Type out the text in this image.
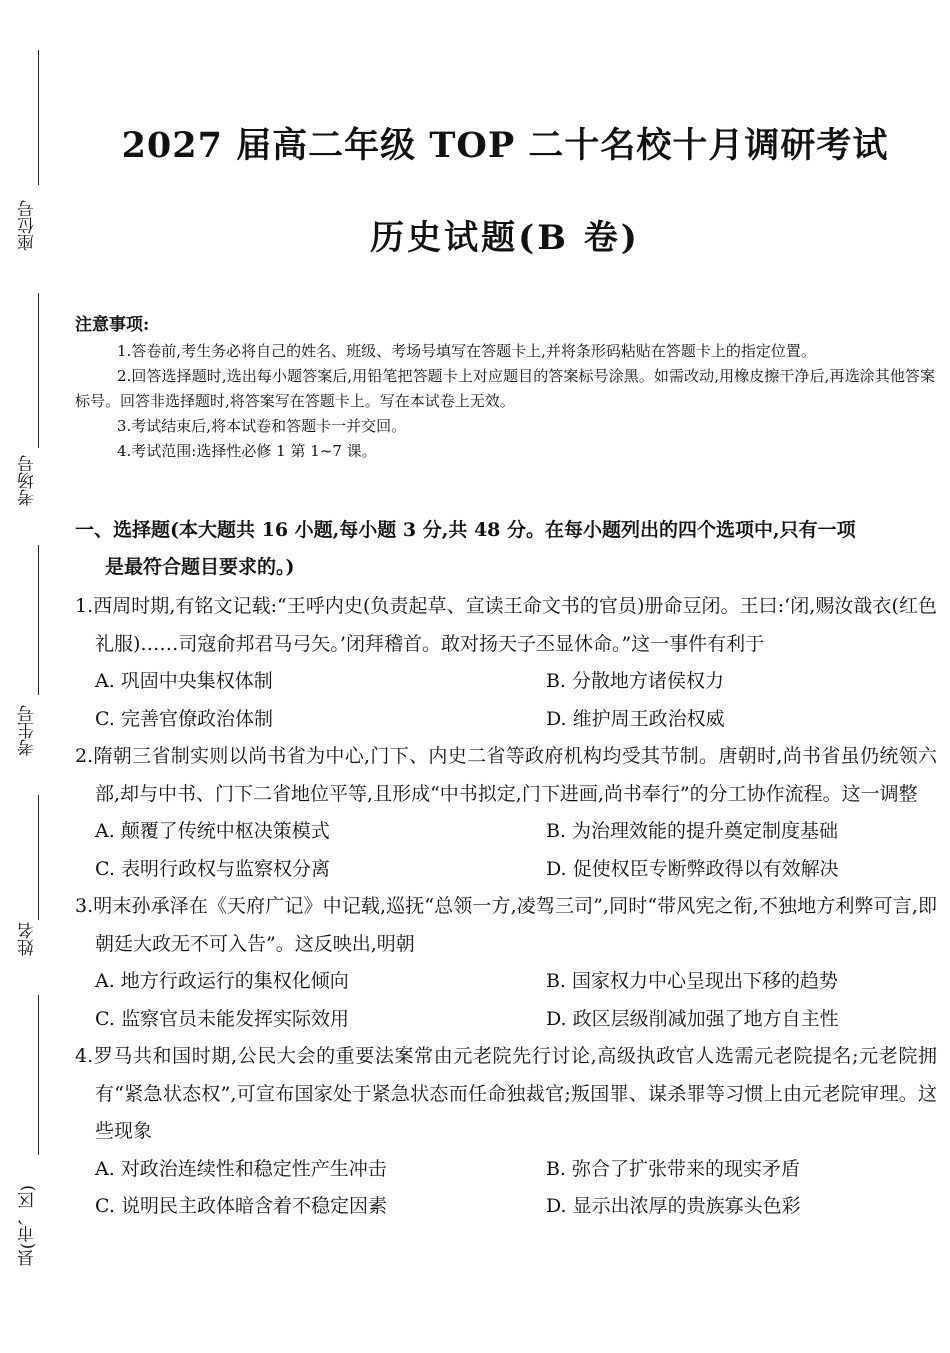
座位号
考场号
考生号
姓名
县(市、区)
2027 届高二年级 TOP 二十名校十月调研考试
历史试题(B 卷)
注意事项:

1.答卷前,考生务必将自己的姓名、班级、考场号填写在答题卡上,并将条形码粘贴在答题卡上的指定位置。

2.回答选择题时,选出每小题答案后,用铅笔把答题卡上对应题目的答案标号涂黑。如需改动,用橡皮擦干净后,再选涂其他答案标号。回答非选择题时,将答案写在答题卡上。写在本试卷上无效。

3.考试结束后,将本试卷和答题卡一并交回。

4.考试范围:选择性必修 1 第 1~7 课。

一、选择题(本大题共 16 小题,每小题 3 分,共 48 分。在每小题列出的四个选项中,只有一项
是最符合题目要求的。)
1.西周时期,有铭文记载:“王呼内史(负责起草、宣读王命文书的官员)册命豆闭。王曰:‘闭,赐汝戠衣(红色礼服)……司寇俞邦君马弓矢。’闭拜稽首。敢对扬天子丕显休命。”这一事件有利于
A. 巩固中央集权体制	B. 分散地方诸侯权力
C. 完善官僚政治体制	D. 维护周王政治权威
2.隋朝三省制实则以尚书省为中心,门下、内史二省等政府机构均受其节制。唐朝时,尚书省虽仍统领六部,却与中书、门下二省地位平等,且形成“中书拟定,门下进画,尚书奉行”的分工协作流程。这一调整
A. 颠覆了传统中枢决策模式	B. 为治理效能的提升奠定制度基础
C. 表明行政权与监察权分离	D. 促使权臣专断弊政得以有效解决
3.明末孙承泽在《天府广记》中记载,巡抚“总领一方,凌驾三司”,同时“带风宪之衔,不独地方利弊可言,即朝廷大政无不可入告”。这反映出,明朝
A. 地方行政运行的集权化倾向	B. 国家权力中心呈现出下移的趋势
C. 监察官员未能发挥实际效用	D. 政区层级削减加强了地方自主性
4.罗马共和国时期,公民大会的重要法案常由元老院先行讨论,高级执政官人选需元老院提名;元老院拥有“紧急状态权”,可宣布国家处于紧急状态而任命独裁官;叛国罪、谋杀罪等习惯上由元老院审理。这些现象
A. 对政治连续性和稳定性产生冲击	B. 弥合了扩张带来的现实矛盾
C. 说明民主政体暗含着不稳定因素	D. 显示出浓厚的贵族寡头色彩
